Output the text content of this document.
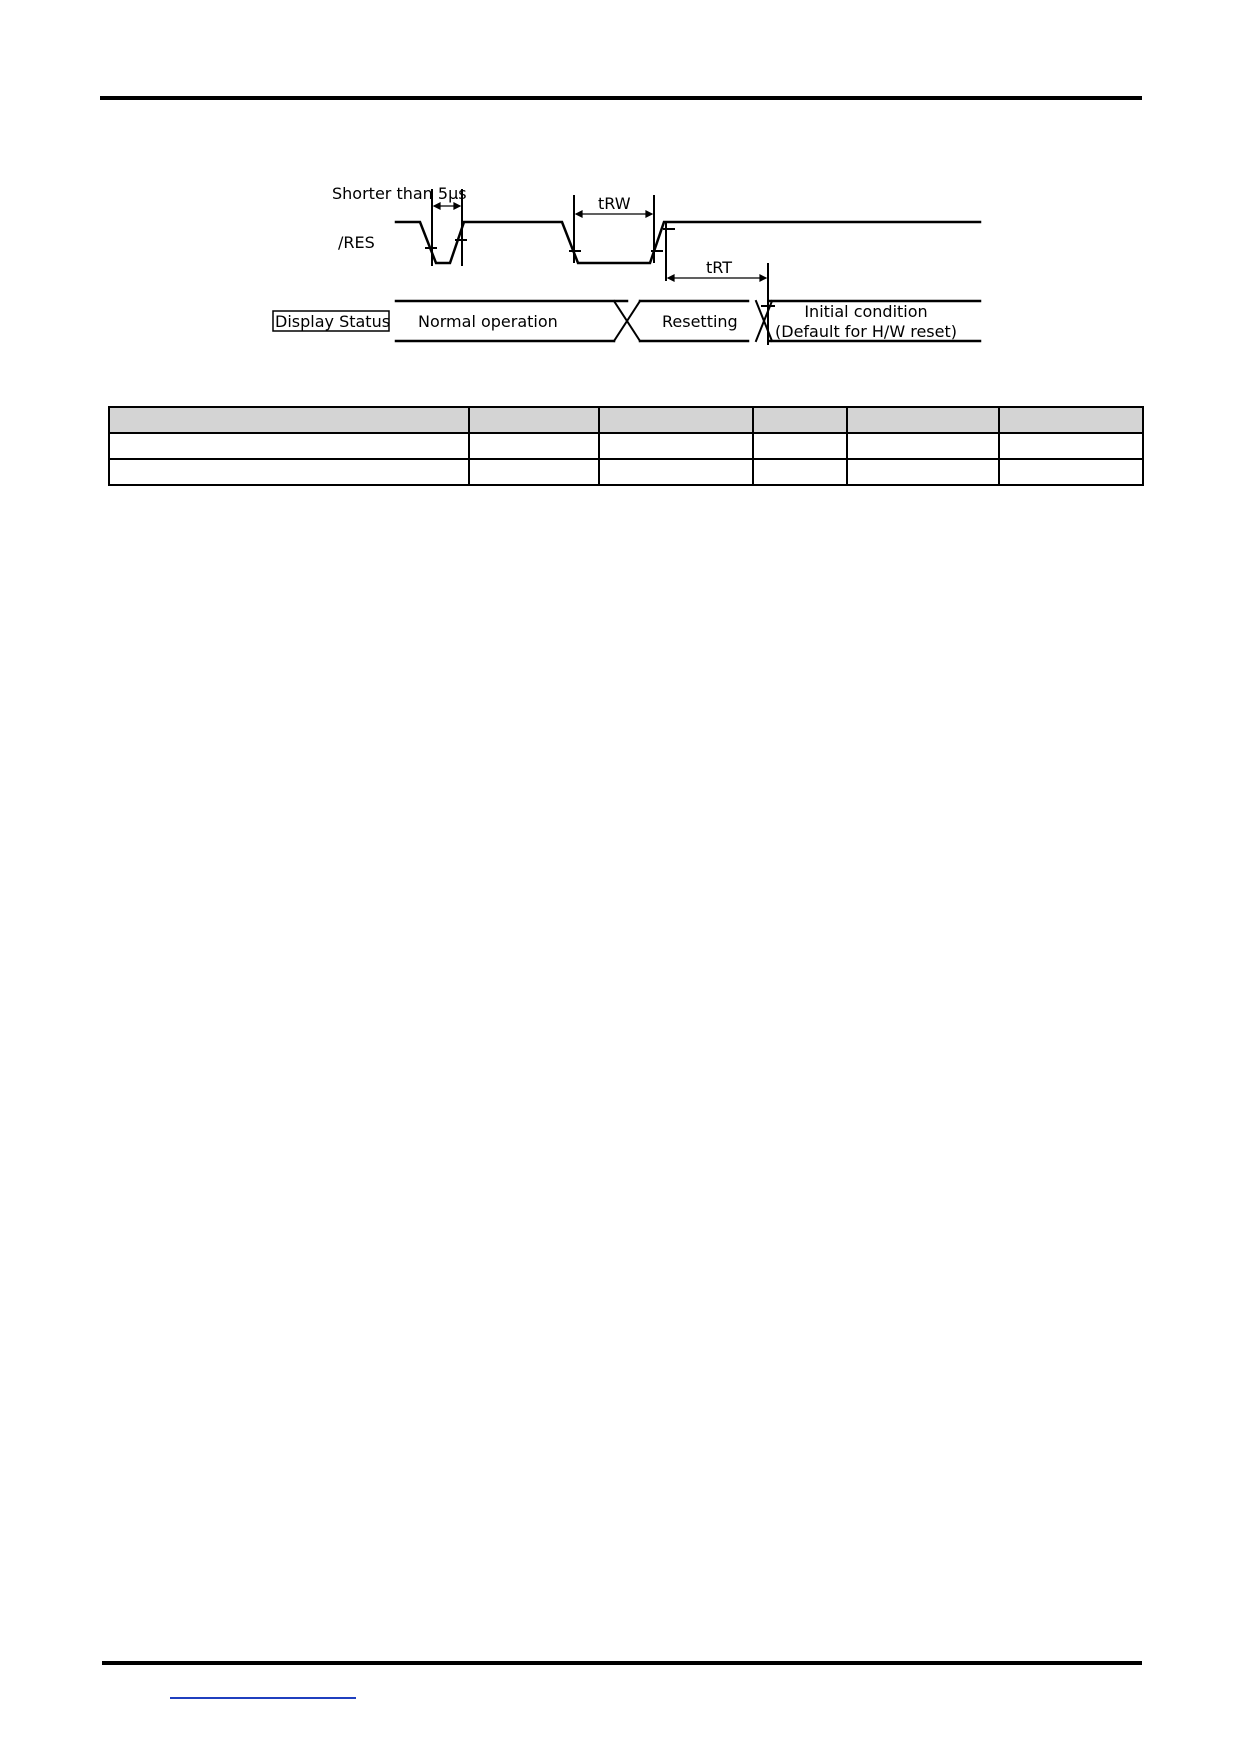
Shorter than 5µs
/RES
tRW
tRT
Display Status Normal operation	Resetting
Initial condition
(Default for H/W reset)
